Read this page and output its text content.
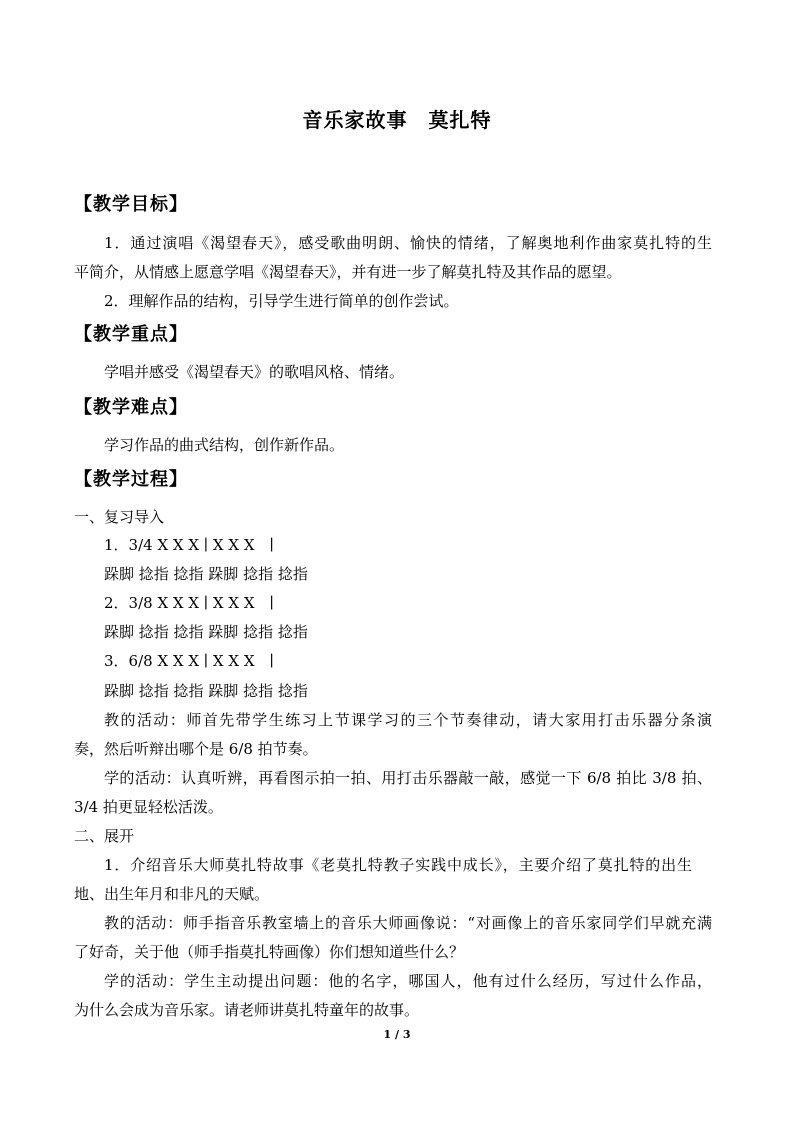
音乐家故事　莫扎特
【教学目标】
1．通过演唱《渴望春天》，感受歌曲明朗、愉快的情绪，了解奥地利作曲家莫扎特的生
平简介，从情感上愿意学唱《渴望春天》，并有进一步了解莫扎特及其作品的愿望。
2．理解作品的结构，引导学生进行简单的创作尝试。
【教学重点】
学唱并感受《渴望春天》的歌唱风格、情绪。
【教学难点】
学习作品的曲式结构，创作新作品。
【教学过程】
一、复习导入
1．3/4 X X X ∣ X X X　∣
跺脚 捻指 捻指 跺脚 捻指 捻指
2．3/8 X X X ∣ X X X　∣
跺脚 捻指 捻指 跺脚 捻指 捻指
3．6/8 X X X ∣ X X X　∣
跺脚 捻指 捻指 跺脚 捻指 捻指
教的活动：师首先带学生练习上节课学习的三个节奏律动，请大家用打击乐器分条演
奏，然后听辩出哪个是 6/8 拍节奏。
学的活动：认真听辨，再看图示拍一拍、用打击乐器敲一敲，感觉一下 6/8 拍比 3/8 拍、
3/4 拍更显轻松活泼。
二、展开
1．介绍音乐大师莫扎特故事《老莫扎特教子实践中成长》，主要介绍了莫扎特的出生
地、出生年月和非凡的天赋。
教的活动：师手指音乐教室墙上的音乐大师画像说：“对画像上的音乐家同学们早就充满
了好奇，关于他（师手指莫扎特画像）你们想知道些什么？
学的活动：学生主动提出问题：他的名字，哪国人，他有过什么经历，写过什么作品，
为什么会成为音乐家。请老师讲莫扎特童年的故事。
1 / 3
